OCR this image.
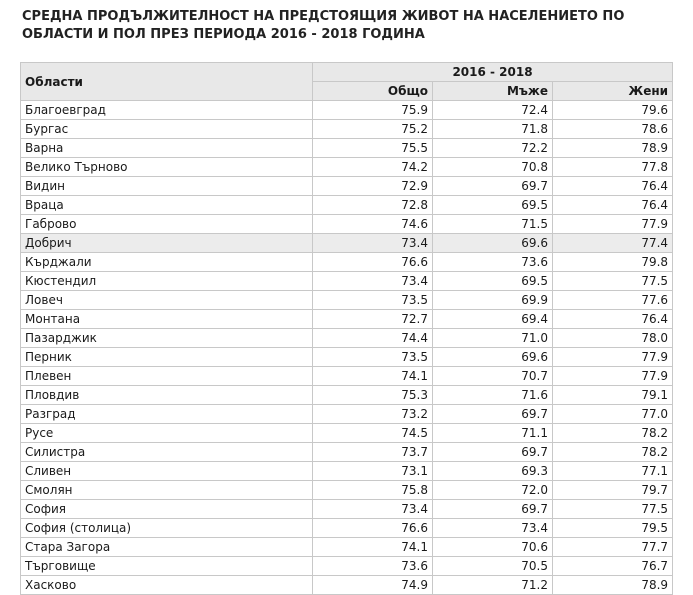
СРЕДНА ПРОДЪЛЖИТЕЛНОСТ НА ПРЕДСТОЯЩИЯ ЖИВОТ НА НАСЕЛЕНИЕТО ПО
ОБЛАСТИ И ПОЛ ПРЕЗ ПЕРИОДА 2016 - 2018 ГОДИНА
Области	2016 - 2018		
	Общо	Мъже	Жени
Благоевград	75.9	72.4	79.6
Бургас	75.2	71.8	78.6
Варна	75.5	72.2	78.9
Велико Търново	74.2	70.8	77.8
Видин	72.9	69.7	76.4
Враца	72.8	69.5	76.4
Габрово	74.6	71.5	77.9
Добрич	73.4	69.6	77.4
Кърджали	76.6	73.6	79.8
Кюстендил	73.4	69.5	77.5
Ловеч	73.5	69.9	77.6
Монтана	72.7	69.4	76.4
Пазарджик	74.4	71.0	78.0
Перник	73.5	69.6	77.9
Плевен	74.1	70.7	77.9
Пловдив	75.3	71.6	79.1
Разград	73.2	69.7	77.0
Русе	74.5	71.1	78.2
Силистра	73.7	69.7	78.2
Сливен	73.1	69.3	77.1
Смолян	75.8	72.0	79.7
София	73.4	69.7	77.5
София (столица)	76.6	73.4	79.5
Стара Загора	74.1	70.6	77.7
Търговище	73.6	70.5	76.7
Хасково	74.9	71.2	78.9
